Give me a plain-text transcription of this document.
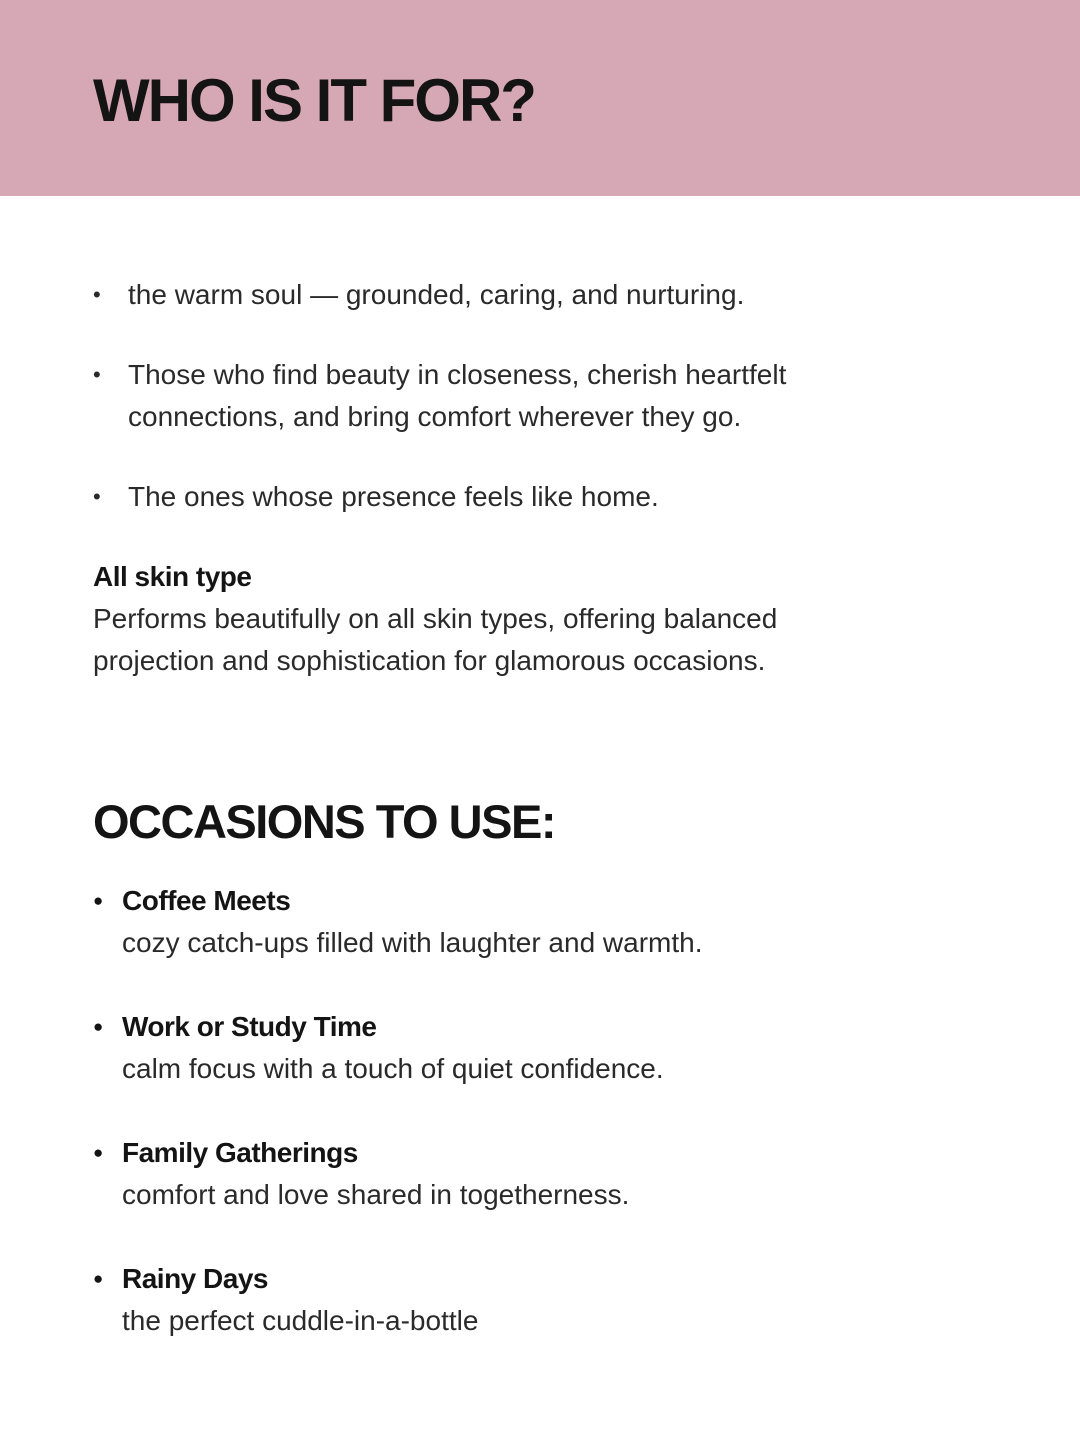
WHO IS IT FOR?
• the warm soul — grounded, caring, and nurturing.
• Those who find beauty in closeness, cherish heartfelt connections, and bring comfort wherever they go.
• The ones whose presence feels like home.
All skin type

Performs beautifully on all skin types, offering balanced projection and sophistication for glamorous occasions.

OCCASIONS TO USE:
● Coffee Meets
cozy catch-ups filled with laughter and warmth.
● Work or Study Time
calm focus with a touch of quiet confidence.
● Family Gatherings
comfort and love shared in togetherness.
● Rainy Days
the perfect cuddle-in-a-bottle
